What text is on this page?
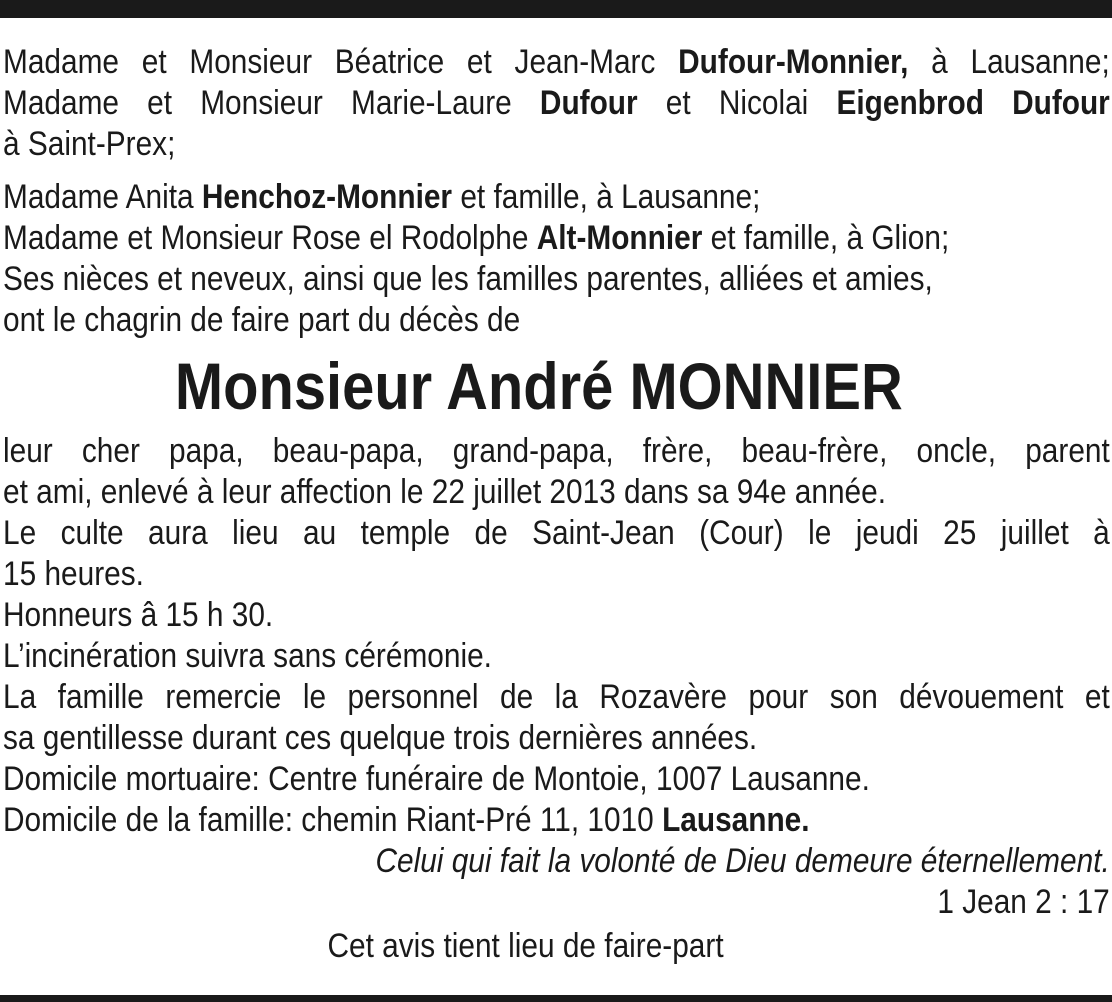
Madame et Monsieur Béatrice et Jean-Marc Dufour-Monnier, à Lausanne;
Madame et Monsieur Marie-Laure Dufour et Nicolai Eigenbrod Dufour
à Saint-Prex;
Madame Anita Henchoz-Monnier et famille, à Lausanne;
Madame et Monsieur Rose el Rodolphe Alt-Monnier et famille, à Glion;
Ses nièces et neveux, ainsi que les familles parentes, alliées et amies,
ont le chagrin de faire part du décès de
Monsieur André MONNIER
leur cher papa, beau-papa, grand-papa, frère, beau-frère, oncle, parent
et ami, enlevé à leur affection le 22 juillet 2013 dans sa 94e année.
Le culte aura lieu au temple de Saint-Jean (Cour) le jeudi 25 juillet à
15 heures.
Honneurs â 15 h 30.
L’incinération suivra sans cérémonie.
La famille remercie le personnel de la Rozavère pour son dévouement et
sa gentillesse durant ces quelque trois dernières années.
Domicile mortuaire: Centre funéraire de Montoie, 1007 Lausanne.
Domicile de la famille: chemin Riant-Pré 11, 1010 Lausanne.
Celui qui fait la volonté de Dieu demeure éternellement.
1 Jean 2 : 17
Cet avis tient lieu de faire-part
